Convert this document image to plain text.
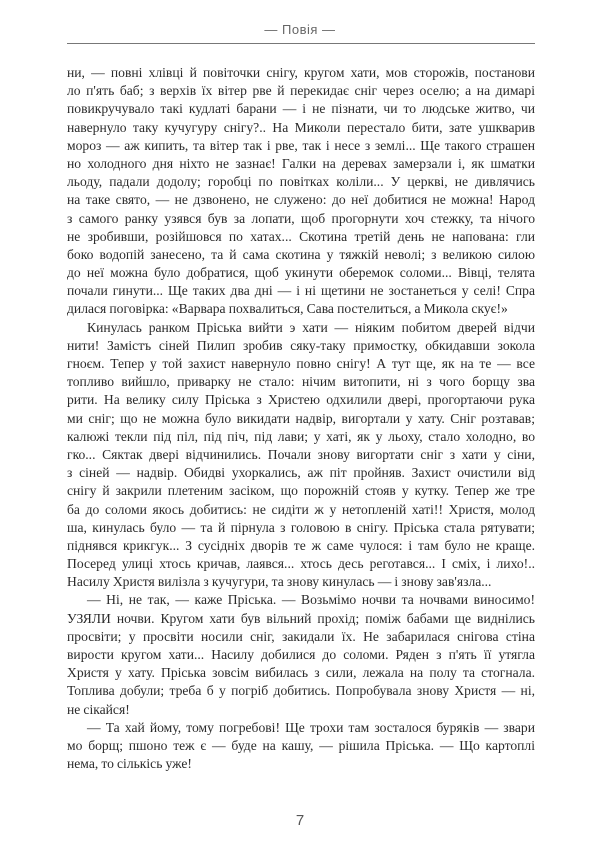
— Повія —
ни, — повні хлівці й повіточки снігу, кругом хати, мов сторожів, постанови
ло п'ять баб; з верхів їх вітер рве й перекидає сніг через оселю; а на димарі
повикручувало такі кудлаті барани — і не пізнати, чи то людське житво, чи
навернуло таку кучугуру снігу?.. На Миколи перестало бити, зате ушкварив
мороз — аж кипить, та вітер так і рве, так і несе з землі... Ще такого страшен
но холодного дня ніхто не зазнає! Галки на деревах замерзали і, як шматки
льоду, падали додолу; горобці по повітках коліли... У церкві, не дивлячись
на таке свято, — не дзвонено, не служено: до неї добитися не можна! Народ
з самого ранку узявся був за лопати, щоб прогорнути хоч стежку, та нічого
не зробивши, розійшовся по хатах... Скотина третій день не напована: гли
боко водопій занесено, та й сама скотина у тяжкій неволі; з великою силою
до неї можна було добратися, щоб укинути оберемок соломи... Вівці, телята
почали гинути... Ще таких два дні — і ні щетини не зостанеться у селі! Спра
дилася поговірка: «Варвара похвалиться, Сава постелиться, а Микола скує!»
Кинулась ранком Пріська вийти э хати — ніяким побитом дверей відчи
нити! Замістъ сіней Пилип зробив сяку-таку примостку, обкидавши зокола
гноєм. Тепер у той захист навернуло повно снігу! А тут ще, як на те — все
топливо вийшло, приварку не стало: нічим витопити, ні з чого борщу зва
рити. На велику силу Пріська з Христею одхилили двері, прогортаючи рука
ми сніг; що не можна було викидати надвір, вигортали у хату. Сніг розтавав;
калюжі текли під піл, під піч, під лави; у хаті, як у льоху, стало холодно, во
гко... Сяктак двері відчинились. Почали знову вигортати сніг з хати у сіни,
з сіней — надвір. Обидві ухоркались, аж піт пройняв. Захист очистили від
снігу й закрили плетеним засіком, що порожній стояв у кутку. Тепер же тре
ба до соломи якось добитись: не сидіти ж у нетопленій хаті!! Христя, молод
ша, кинулась було — та й пірнула з головою в снігу. Пріська стала рятувати;
піднявся крикгук... З сусідніх дворів те ж саме чулося: і там було не краще.
Посеред улиці хтось кричав, лаявся... хтось десь реготався... І сміх, і лихо!..
Насилу Христя вилізла з кучугури, та знову кинулась — і знову зав'язла...
— Ні, не так, — каже Пріська. — Возьмімо ночви та ночвами виносимо!
УЗЯЛИ ночви. Кругом хати був вільний прохід; поміж бабами ще виднілись
просвіти; у просвіти носили сніг, закидали їх. Не забарилася снігова стіна
вирости кругом хати... Насилу добилися до соломи. Ряден з п'ять її утягла
Христя у хату. Пріська зовсім вибилась з сили, лежала на полу та стогнала.
Топлива добули; треба б у погріб добитись. Попробувала знову Христя — ні,
не сікайся!
— Та хай йому, тому погребові! Ще трохи там зосталося буряків — звари
мо борщ; пшоно теж є — буде на кашу, — рішила Пріська. — Що картоплі
нема, то сількісь уже!
7
